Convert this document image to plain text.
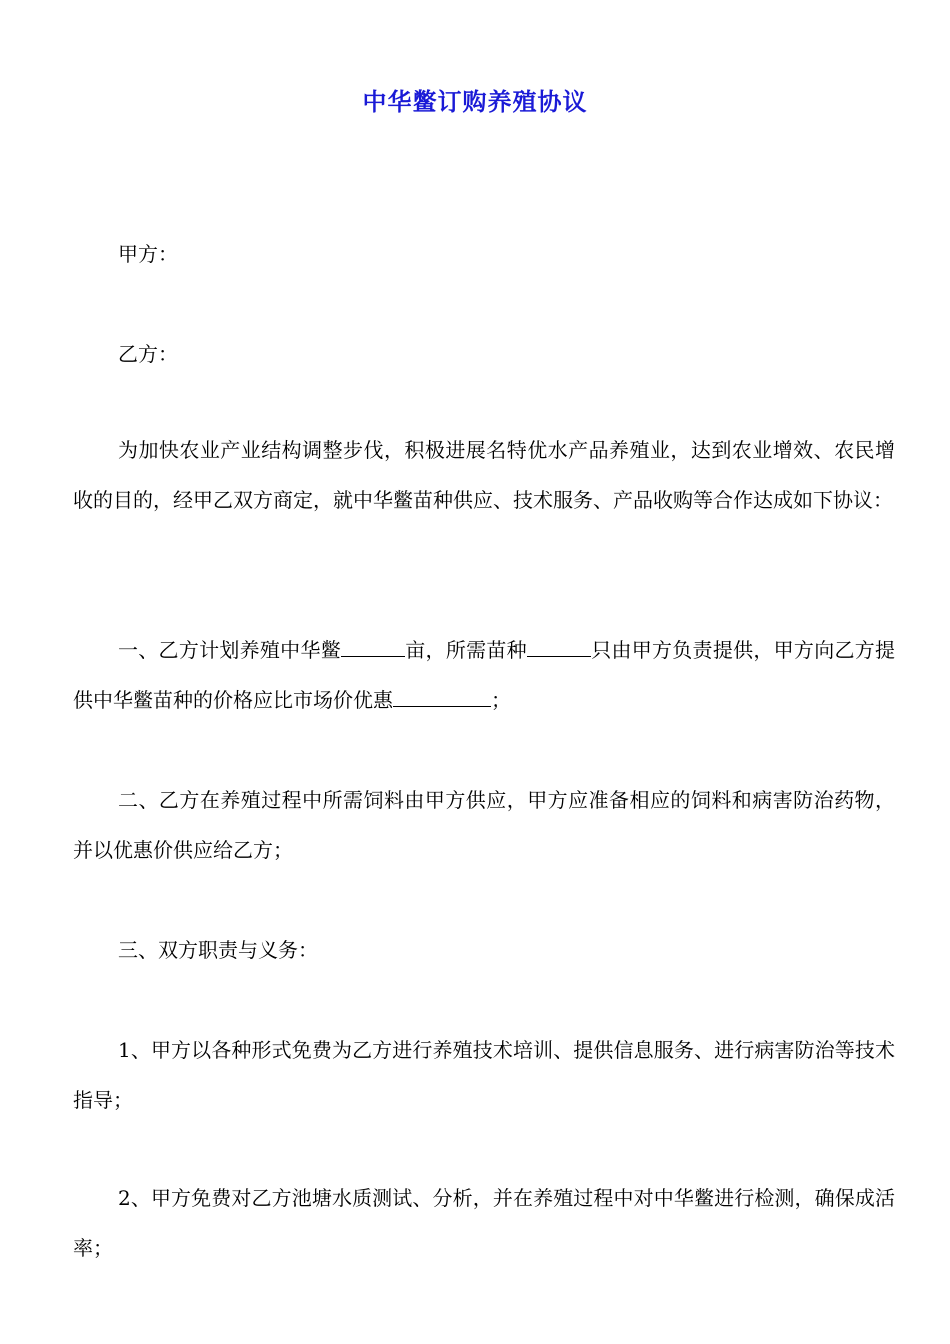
中华鳖订购养殖协议

甲方：

乙方：

为加快农业产业结构调整步伐，积极进展名特优水产品养殖业，达到农业增效、农民增收的目的，经甲乙双方商定，就中华鳖苗种供应、技术服务、产品收购等合作达成如下协议：

一、乙方计划养殖中华鳖	亩，所需苗种	只由甲方负责提供，甲方向乙方提供中华鳖苗种的价格应比市场价优惠	；

二、乙方在养殖过程中所需饲料由甲方供应，甲方应准备相应的饲料和病害防治药物，并以优惠价供应给乙方；

三、双方职责与义务：

1、甲方以各种形式免费为乙方进行养殖技术培训、提供信息服务、进行病害防治等技术指导；

2、甲方免费对乙方池塘水质测试、分析，并在养殖过程中对中华鳖进行检测，确保成活率；
